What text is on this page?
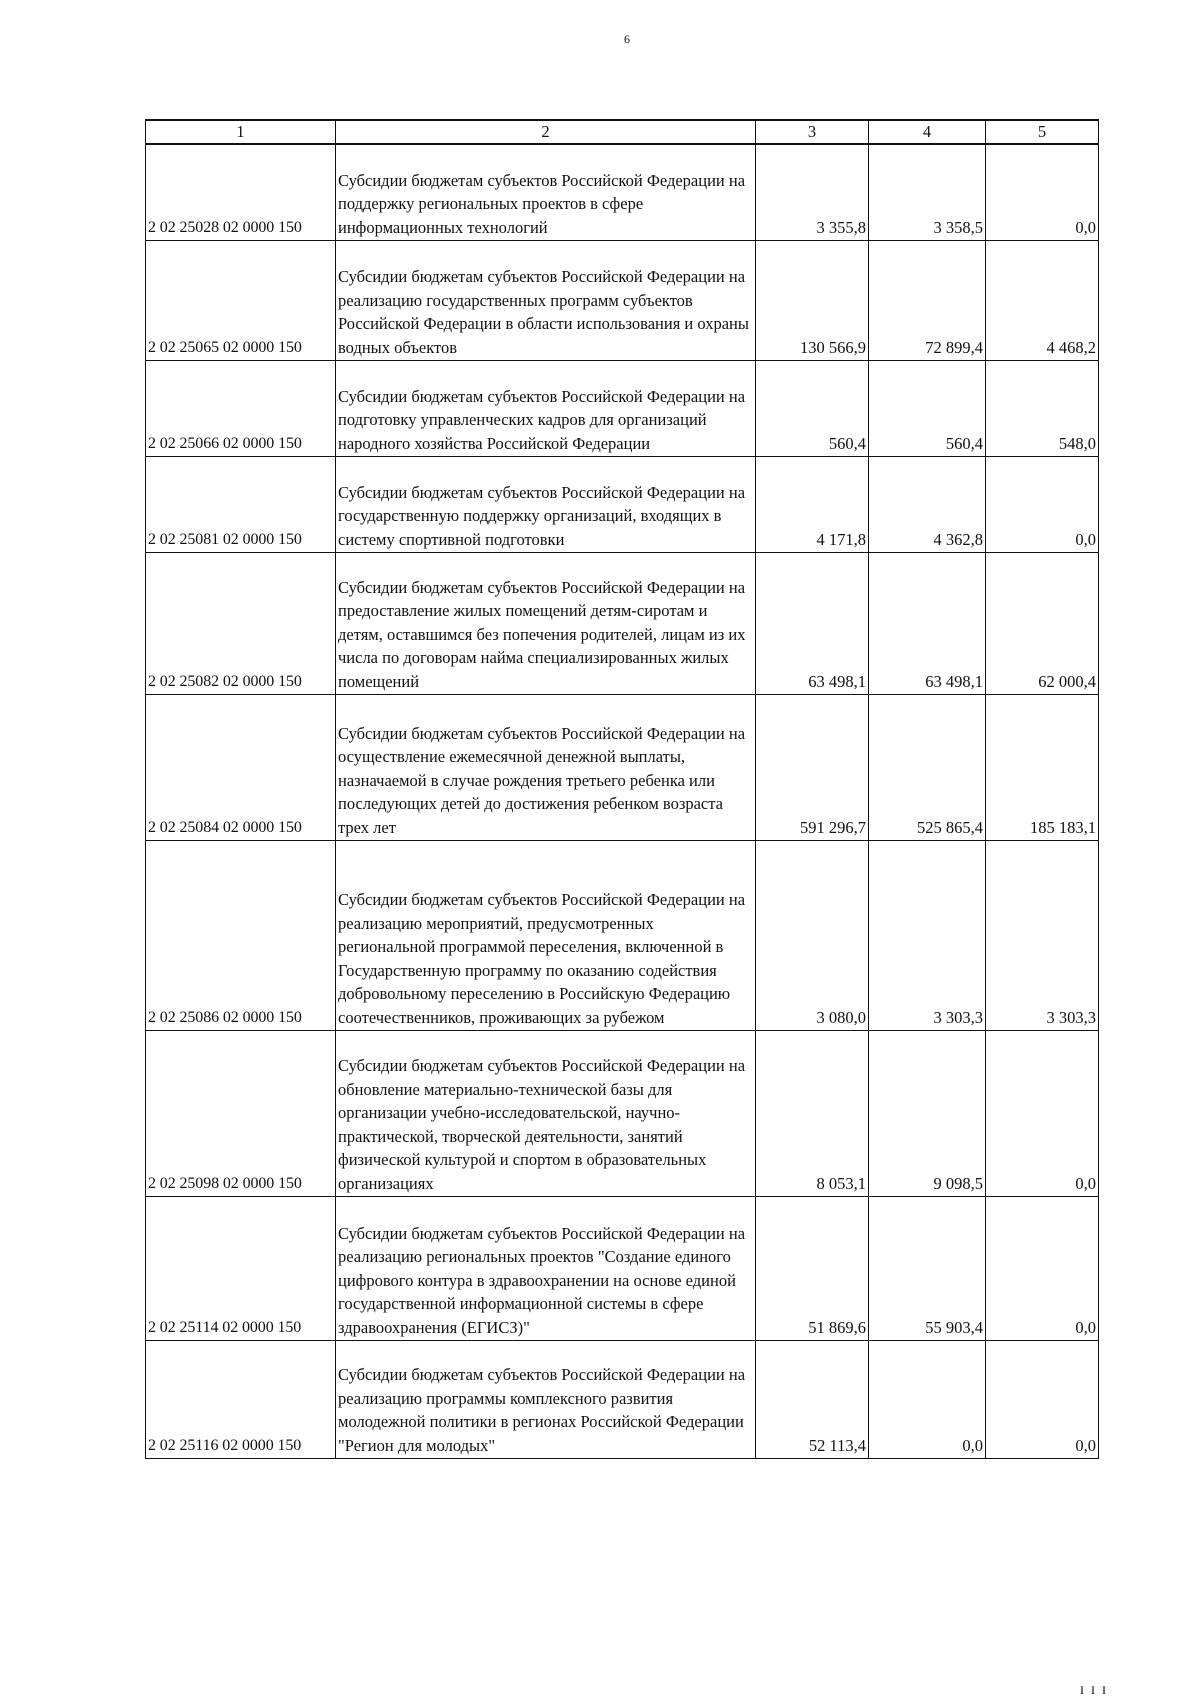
6
1	2	3	4	5
2 02 25028 02 0000 150	Субсидии бюджетам субъектов Российской Федерации на поддержку региональных проектов в сфере информационных технологий	3 355,8	3 358,5	0,0
2 02 25065 02 0000 150	Субсидии бюджетам субъектов Российской Федерации на реализацию государственных программ субъектов Российской Федерации в области использования и охраны водных объектов	130 566,9	72 899,4	4 468,2
2 02 25066 02 0000 150	Субсидии бюджетам субъектов Российской Федерации на подготовку управленческих кадров для организаций народного хозяйства Российской Федерации	560,4	560,4	548,0
2 02 25081 02 0000 150	Субсидии бюджетам субъектов Российской Федерации на государственную поддержку организаций, входящих в систему спортивной подготовки	4 171,8	4 362,8	0,0
2 02 25082 02 0000 150	Субсидии бюджетам субъектов Российской Федерации на предоставление жилых помещений детям-сиротам и детям, оставшимся без попечения родителей, лицам из их числа по договорам найма специализированных жилых помещений	63 498,1	63 498,1	62 000,4
2 02 25084 02 0000 150	Субсидии бюджетам субъектов Российской Федерации на осуществление ежемесячной денежной выплаты, назначаемой в случае рождения третьего ребенка или последующих детей до достижения ребенком возраста трех лет	591 296,7	525 865,4	185 183,1
2 02 25086 02 0000 150	Субсидии бюджетам субъектов Российской Федерации на реализацию мероприятий, предусмотренных региональной программой переселения, включенной в Государственную программу по оказанию содействия добровольному переселению в Российскую Федерацию соотечественников, проживающих за рубежом	3 080,0	3 303,3	3 303,3
2 02 25098 02 0000 150	Субсидии бюджетам субъектов Российской Федерации на обновление материально-технической базы для организации учебно-исследовательской, научно-практической, творческой деятельности, занятий физической культурой и спортом в образовательных организациях	8 053,1	9 098,5	0,0
2 02 25114 02 0000 150	Субсидии бюджетам субъектов Российской Федерации на реализацию региональных проектов "Создание единого цифрового контура в здравоохранении на основе единой государственной информационной системы в сфере здравоохранения (ЕГИСЗ)"	51 869,6	55 903,4	0,0
2 02 25116 02 0000 150	Субсидии бюджетам субъектов Российской Федерации на реализацию программы комплексного развития молодежной политики в регионах Российской Федерации "Регион для молодых"	52 113,4	0,0	0,0
I I I
